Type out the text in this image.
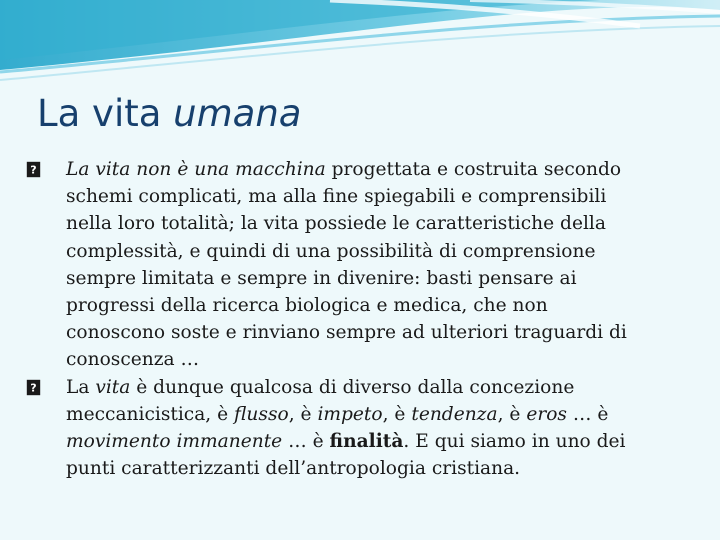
La vita umana

? La vita non è una macchina progettata e costruita secondo
schemi complicati, ma alla fine spiegabili e comprensibili
nella loro totalità; la vita possiede le caratteristiche della
complessità, e quindi di una possibilità di comprensione
sempre limitata e sempre in divenire: basti pensare ai
progressi della ricerca biologica e medica, che non
conoscono soste e rinviano sempre ad ulteriori traguardi di
conoscenza …

? La vita è dunque qualcosa di diverso dalla concezione
meccanicistica, è flusso, è impeto, è tendenza, è eros … è
movimento immanente … è finalità. E qui siamo in uno dei
punti caratterizzanti dell’antropologia cristiana.
